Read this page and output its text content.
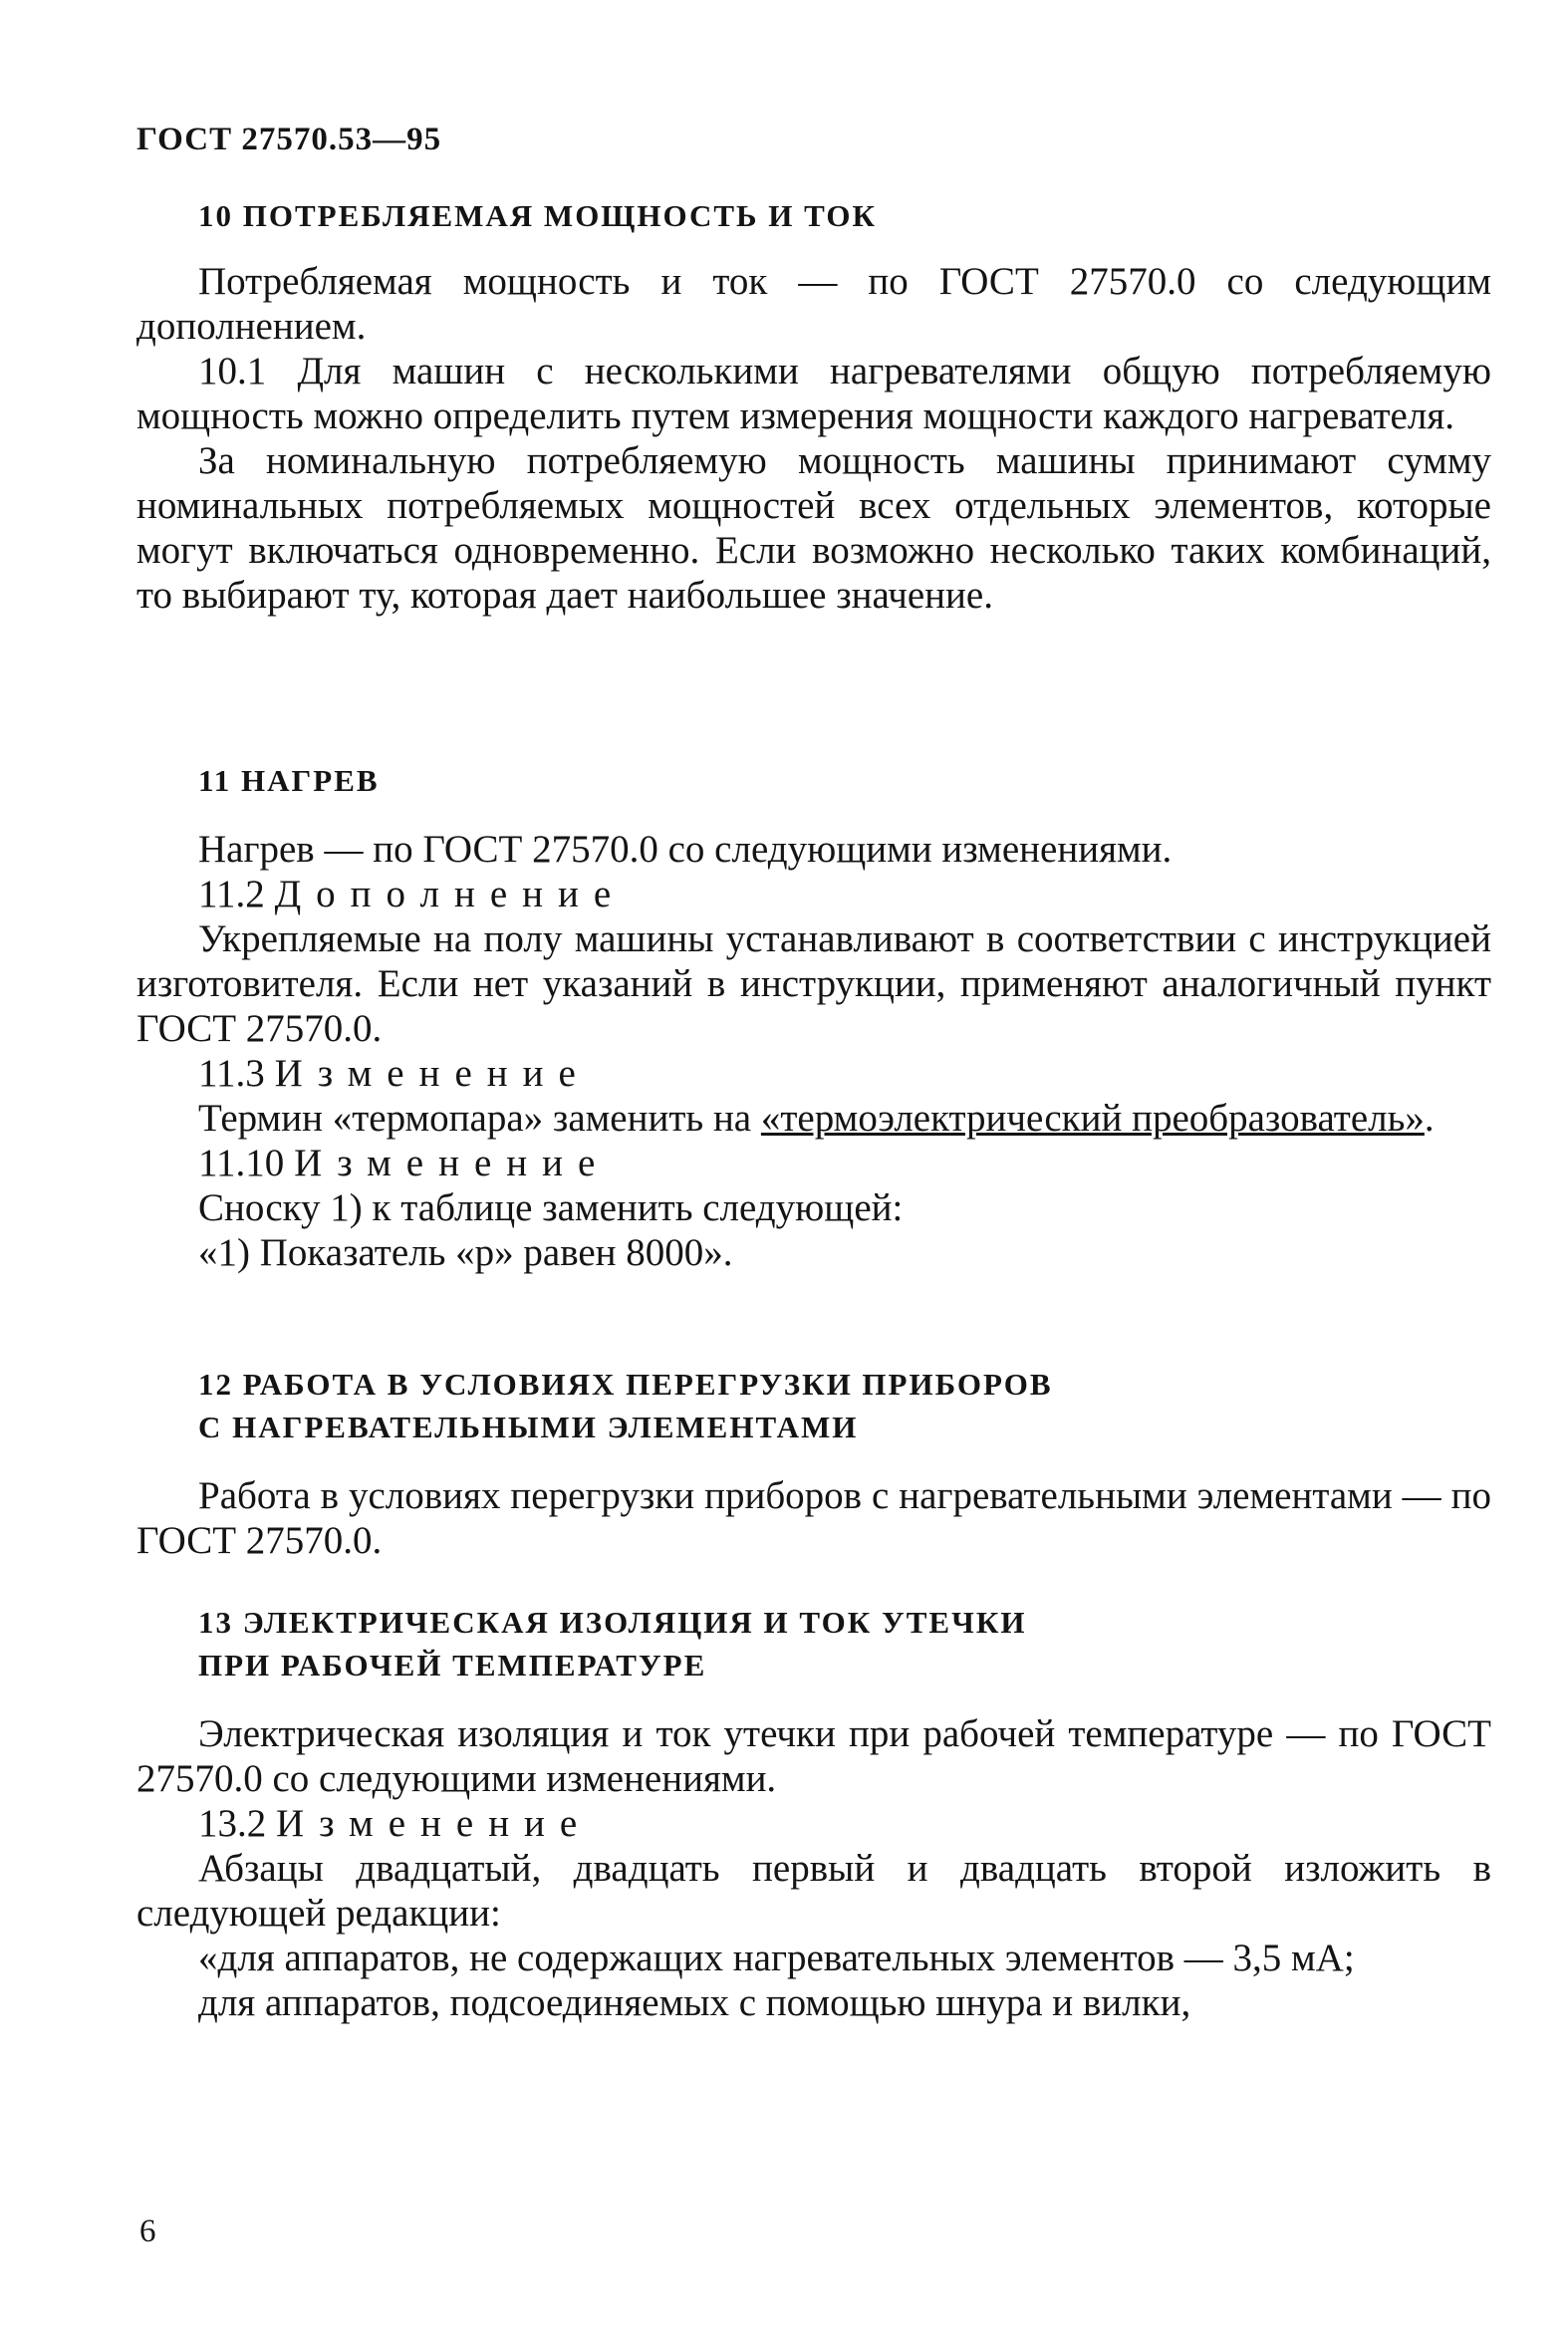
ГОСТ 27570.53—95
10 ПОТРЕБЛЯЕМАЯ МОЩНОСТЬ И ТОК

Потребляемая мощность и ток — по ГОСТ 27570.0 со следующим дополнением.

10.1 Для машин с несколькими нагревателями общую потребляемую мощность можно определить путем измерения мощности каждого нагревателя.

За номинальную потребляемую мощность машины принимают сумму номинальных потребляемых мощностей всех отдельных элементов, которые могут включаться одновременно. Если возможно несколько таких комбинаций, то выбирают ту, которая дает наибольшее значение.

11 НАГРЕВ

Нагрев — по ГОСТ 27570.0 со следующими изменениями.

11.2 Дополнение

Укрепляемые на полу машины устанавливают в соответствии с инструкцией изготовителя. Если нет указаний в инструкции, применяют аналогичный пункт ГОСТ 27570.0.

11.3 Изменение

Термин «термопара» заменить на «термоэлектрический преобразователь».

11.10 Изменение

Сноску 1) к таблице заменить следующей:

«1) Показатель «р» равен 8000».

12 РАБОТА В УСЛОВИЯХ ПЕРЕГРУЗКИ ПРИБОРОВ
С НАГРЕВАТЕЛЬНЫМИ ЭЛЕМЕНТАМИ

Работа в условиях перегрузки приборов с нагревательными элементами — по ГОСТ 27570.0.

13 ЭЛЕКТРИЧЕСКАЯ ИЗОЛЯЦИЯ И ТОК УТЕЧКИ
ПРИ РАБОЧЕЙ ТЕМПЕРАТУРЕ

Электрическая изоляция и ток утечки при рабочей температуре — по ГОСТ 27570.0 со следующими изменениями.

13.2 Изменение

Абзацы двадцатый, двадцать первый и двадцать второй изложить в следующей редакции:

«для аппаратов, не содержащих нагревательных элементов — 3,5 мА;

для аппаратов, подсоединяемых с помощью шнура и вилки,

6
